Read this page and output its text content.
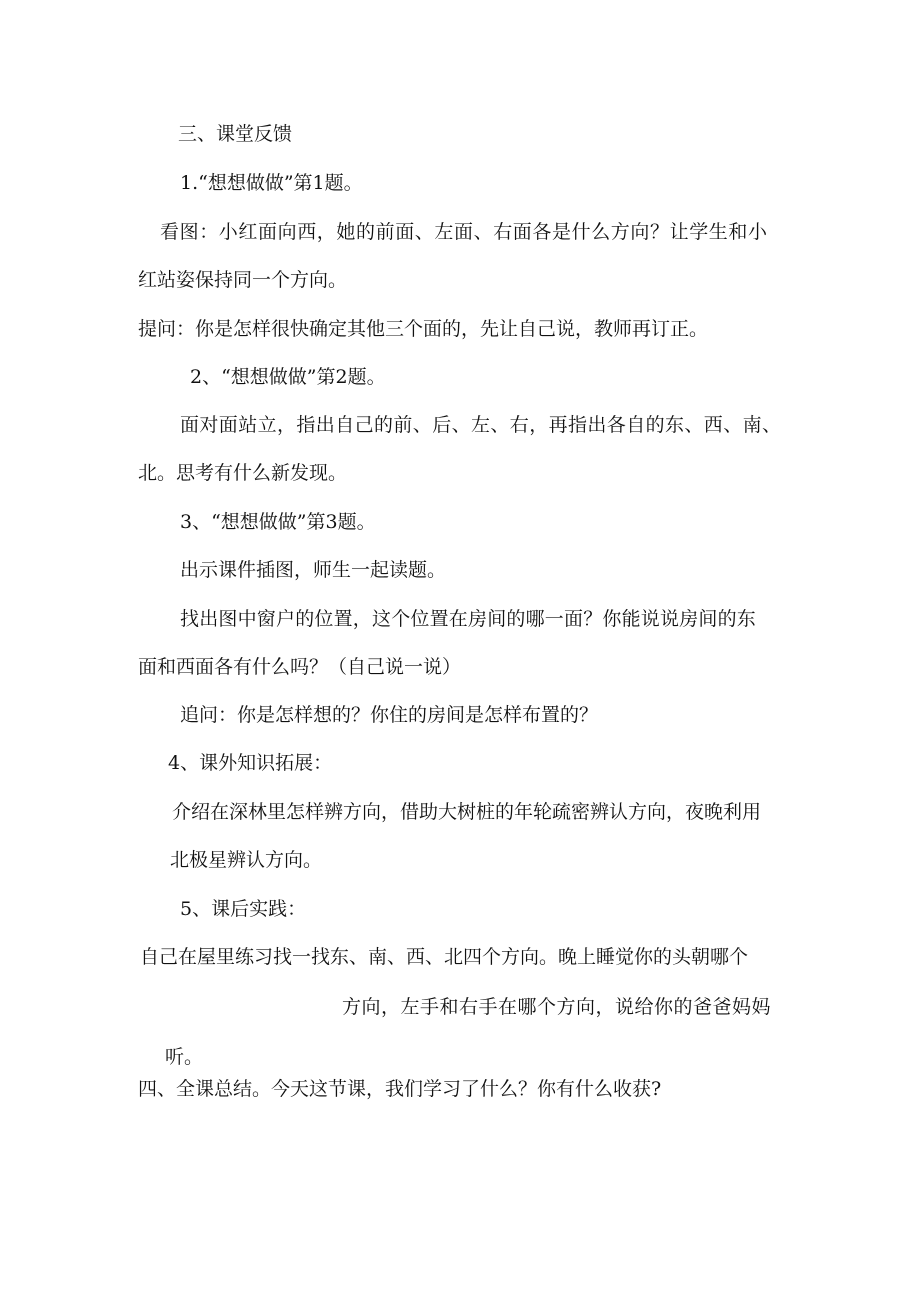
三、课堂反馈

1.“想想做做”第1题。

看图：小红面向西，她的前面、左面、右面各是什么方向？让学生和小

红站姿保持同一个方向。

提问：你是怎样很快确定其他三个面的，先让自己说，教师再订正。

2、“想想做做”第2题。

面对面站立，指出自己的前、后、左、右，再指出各自的东、西、南、

北。思考有什么新发现。

3、“想想做做”第3题。

出示课件插图，师生一起读题。

找出图中窗户的位置，这个位置在房间的哪一面？你能说说房间的东

面和西面各有什么吗？（自己说一说）

追问：你是怎样想的？你住的房间是怎样布置的？

4、课外知识拓展：

介绍在深林里怎样辨方向，借助大树桩的年轮疏密辨认方向，夜晚利用

北极星辨认方向。

5、课后实践：

自己在屋里练习找一找东、南、西、北四个方向。晚上睡觉你的头朝哪个

方向，左手和右手在哪个方向，说给你的爸爸妈妈

听。

四、全课总结。今天这节课，我们学习了什么？你有什么收获?
